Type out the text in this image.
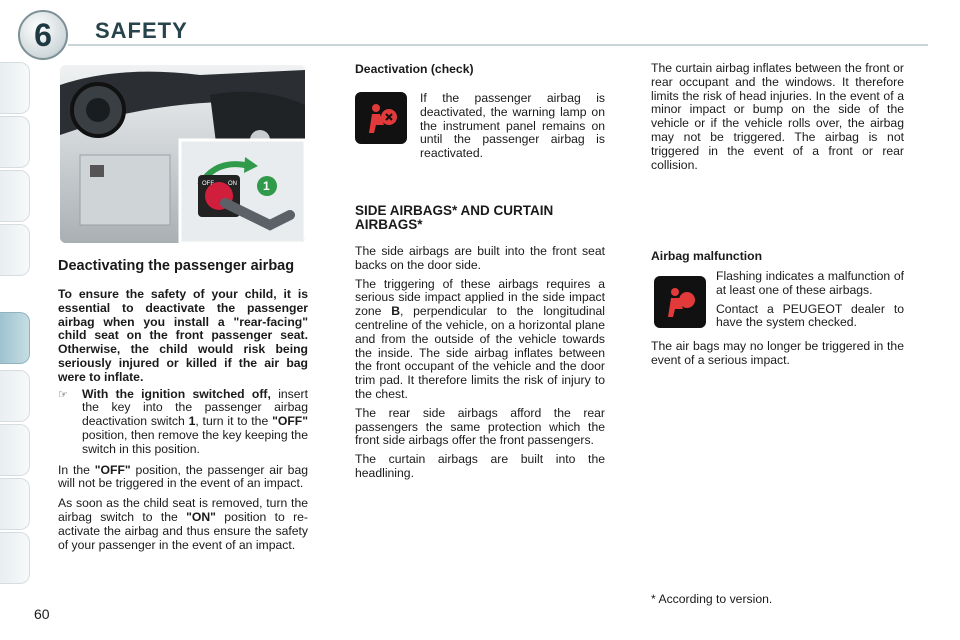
6	SAFETY
OFF ON 1
Deactivating the passenger airbag

To ensure the safety of your child, it is essential to deactivate the passenger airbag when you install a "rear-facing" child seat on the front passenger seat. Otherwise, the child would risk being seriously injured or killed if the air bag were to inflate.

☞	With the ignition switched off, insert the key into the passenger airbag deactivation switch 1, turn it to the "OFF" position, then remove the key keeping the switch in this position.

In the "OFF" position, the passenger air bag will not be triggered in the event of an impact.

As soon as the child seat is removed, turn the airbag switch to the "ON" position to re-activate the airbag and thus ensure the safety of your passenger in the event of an impact.

Deactivation (check)

If the passenger airbag is deactivated, the warning lamp on the instrument panel remains on until the passenger airbag is reactivated.

SIDE AIRBAGS* AND CURTAIN AIRBAGS*

The side airbags are built into the front seat backs on the door side.

The triggering of these airbags requires a serious side impact applied in the side impact zone B, perpendicular to the longitudinal centreline of the vehicle, on a horizontal plane and from the outside of the vehicle towards the inside. The side airbag inflates between the front occupant of the vehicle and the door trim pad. It therefore limits the risk of injury to the chest.

The rear side airbags afford the rear passengers the same protection which the front side airbags offer the front passengers.

The curtain airbags are built into the headlining.

The curtain airbag inflates between the front or rear occupant and the windows. It therefore limits the risk of head injuries. In the event of a minor impact or bump on the side of the vehicle or if the vehicle rolls over, the airbag may not be triggered. The airbag is not triggered in the event of a front or rear collision.

Airbag malfunction

Flashing indicates a malfunction of at least one of these airbags.

Contact a PEUGEOT dealer to have the system checked.

The air bags may no longer be triggered in the event of a serious impact.

* According to version.

60
